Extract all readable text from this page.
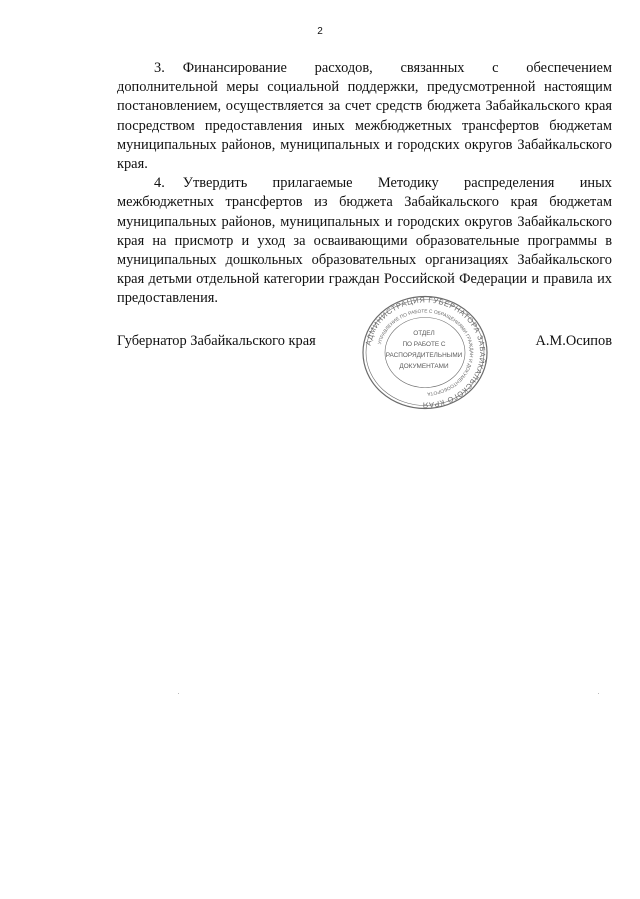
2

3. Финансирование расходов, связанных с обеспечением дополнительной меры социальной поддержки, предусмотренной настоящим постановлением, осуществляется за счет средств бюджета Забайкальского края посредством предоставления иных межбюджетных трансфертов бюджетам муниципальных районов, муниципальных и городских округов Забайкальского края.

4. Утвердить прилагаемые Методику распределения иных межбюджетных трансфертов из бюджета Забайкальского края бюджетам муниципальных районов, муниципальных и городских округов Забайкальского края на присмотр и уход за осваивающими образовательные программы в муниципальных дошкольных образовательных организациях Забайкальского края детьми отдельной категории граждан Российской Федерации и правила их предоставления.

Губернатор Забайкальского края	А.М.Осипов
АДМИНИСТРАЦИЯ ГУБЕРНАТОРА ЗАБАЙКАЛЬСКОГО КРАЯ
УПРАВЛЕНИЕ ПО РАБОТЕ С ОБРАЩЕНИЯМИ ГРАЖДАН И ДОКУМЕНТООБОРОТА
ОТДЕЛ
ПО РАБОТЕ С
РАСПОРЯДИТЕЛЬНЫМИ
ДОКУМЕНТАМИ
